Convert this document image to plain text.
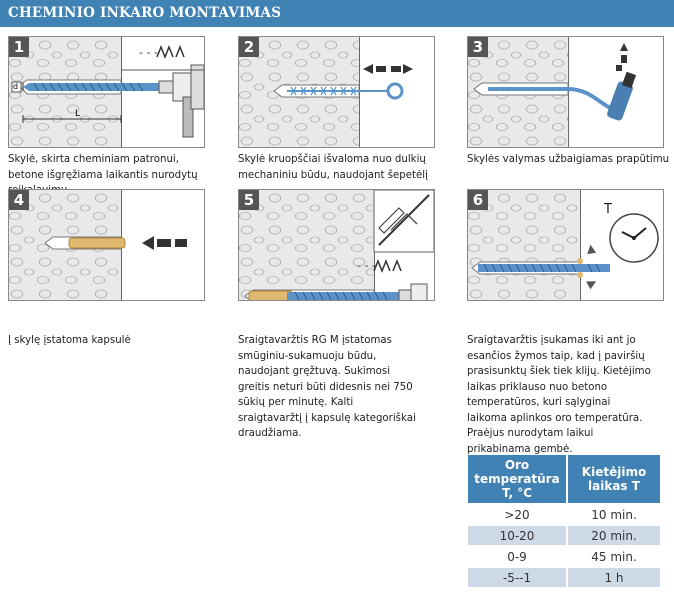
CHEMINIO INKARO MONTAVIMAS
1	- - -
d
L
Skylė, skirta cheminiam patronui, betone išgręžiama laikantis nurodytų
2
Skylė kruopščiai išvaloma nuo dulkių mechaniniu būdu, naudojant šepetėlį
3
Skylės valymas užbaigiamas prapūtimu
4
Į skylę įstatoma kapsulė
5
- - -
Sraigtavaržtis RG M įstatomas smūginiu-sukamuoju būdu, naudojant gręžtuvą. Sukimosi greitis neturi būti didesnis nei 750 sūkių per minutę. Kalti sraigtavaržtį į kapsulę kategoriškai draudžiama.
6
T
Sraigtavaržtis įsukamas iki ant jo esančios žymos taip, kad į paviršių prasisunktų šiek tiek klijų. Kietėjimo laikas priklauso nuo betono temperatūros, kuri sąlyginai laikoma aplinkos oro temperatūra. Praėjus nurodytam laikui prikabinama gembė.
Oro temperatūra T, °C	Kietėjimo laikas T
>20	10 min.
10-20	20 min.
0-9	45 min.
-5--1	1 h
